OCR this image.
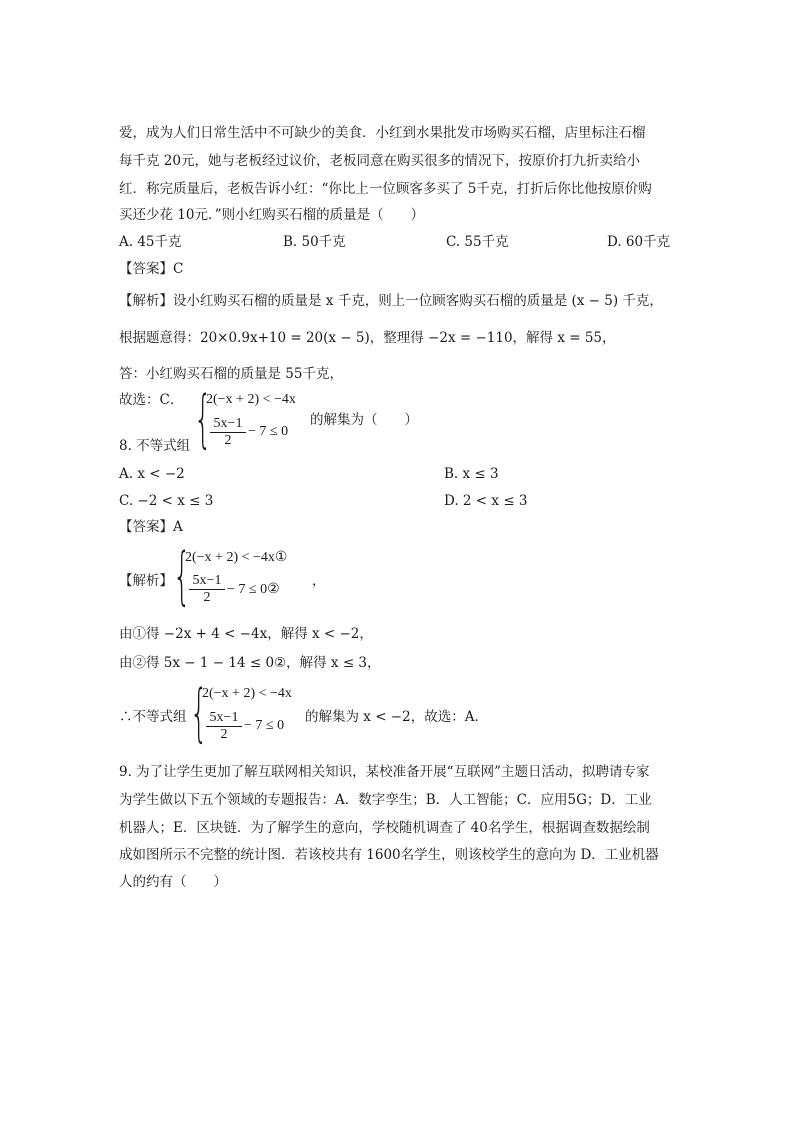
爱，成为人们日常生活中不可缺少的美食．小红到水果批发市场购买石榴，店里标注石榴
每千克 20元，她与老板经过议价，老板同意在购买很多的情况下，按原价打九折卖给小
红．称完质量后，老板告诉小红：“你比上一位顾客多买了 5千克，打折后你比他按原价购
买还少花 10元．”则小红购买石榴的质量是（　　）
A. 45千克	B. 50千克	C. 55千克	D. 60千克
【答案】C
【解析】设小红购买石榴的质量是 x 千克，则上一位顾客购买石榴的质量是 (x − 5) 千克，
根据题意得：20×0.9x+10 = 20(x − 5)，整理得 −2x = −110，解得 x = 55，
答：小红购买石榴的质量是 55千克，
故选：C．
8. 不等式组 {
2(−x + 2) < −4x
$\frac{5x-1}{2} - 7 \le 0$
的解集为（　　）
A. x < −2	B. x ≤ 3
C. −2 < x ≤ 3	D. 2 < x ≤ 3
【答案】A
【解析】 {
2(−x + 2) < −4x①
$\frac{5x-1}{2} - 7$ ≤ 0②
，
由①得 −2x + 4 < −4x，解得 x < −2，
由②得 5x − 1 − 14 ≤ 0②，解得 x ≤ 3，
∴不等式组 {
2(−x + 2) < −4x
$\frac{5x-1}{2} - 7 \le 0$
的解集为 x < −2，故选：A．
9. 为了让学生更加了解互联网相关知识，某校准备开展“互联网”主题日活动，拟聘请专家
为学生做以下五个领域的专题报告：A．数字孪生；B．人工智能；C．应用5G；D．工业
机器人；E．区块链．为了解学生的意向，学校随机调查了 40名学生，根据调查数据绘制
成如图所示不完整的统计图．若该校共有 1600名学生，则该校学生的意向为 D．工业机器
人的约有（　　）
